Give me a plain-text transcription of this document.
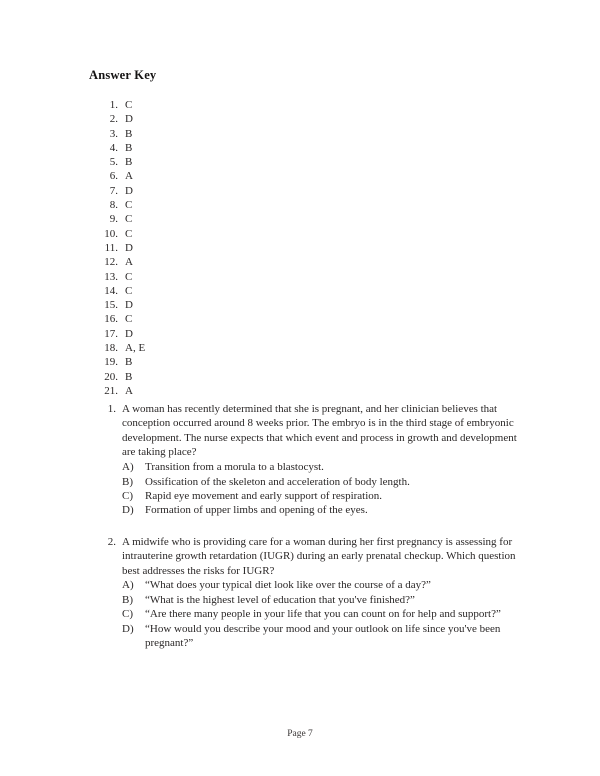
Answer Key
1. C
2. D
3. B
4. B
5. B
6. A
7. D
8. C
9. C
10. C
11. D
12. A
13. C
14. C
15. D
16. C
17. D
18. A, E
19. B
20. B
21. A
1. A woman has recently determined that she is pregnant, and her clinician believes that conception occurred around 8 weeks prior. The embryo is in the third stage of embryonic development. The nurse expects that which event and process in growth and development are taking place?

A)	Transition from a morula to a blastocyst.
B)	Ossification of the skeleton and acceleration of body length.
C)	Rapid eye movement and early support of respiration.
D)	Formation of upper limbs and opening of the eyes.
2. A midwife who is providing care for a woman during her first pregnancy is assessing for intrauterine growth retardation (IUGR) during an early prenatal checkup. Which question best addresses the risks for IUGR?

A)	“What does your typical diet look like over the course of a day?”
B)	“What is the highest level of education that you've finished?”
C)	“Are there many people in your life that you can count on for help and support?”
D)	“How would you describe your mood and your outlook on life since you've been pregnant?”
Page 7
